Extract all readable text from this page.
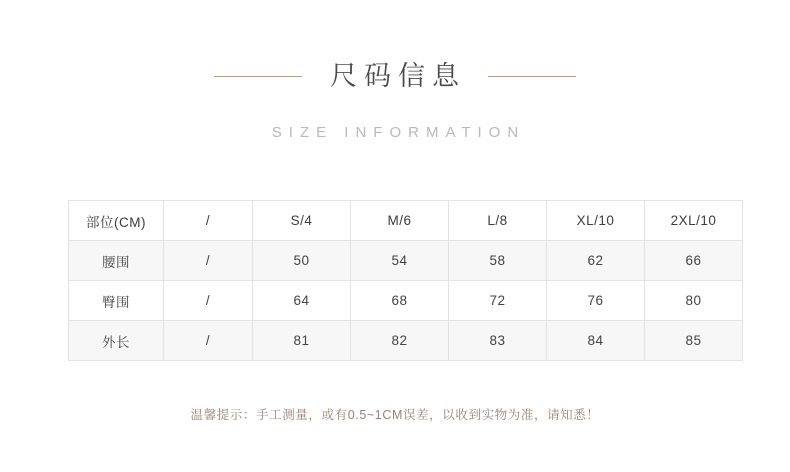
尺码信息
SIZE INFORMATION
部位(CM)	/	S/4	M/6	L/8	XL/10	2XL/10
腰围	/	50	54	58	62	66
臀围	/	64	68	72	76	80
外长	/	81	82	83	84	85
温馨提示：手工测量，或有0.5~1CM误差，以收到实物为准，请知悉！
